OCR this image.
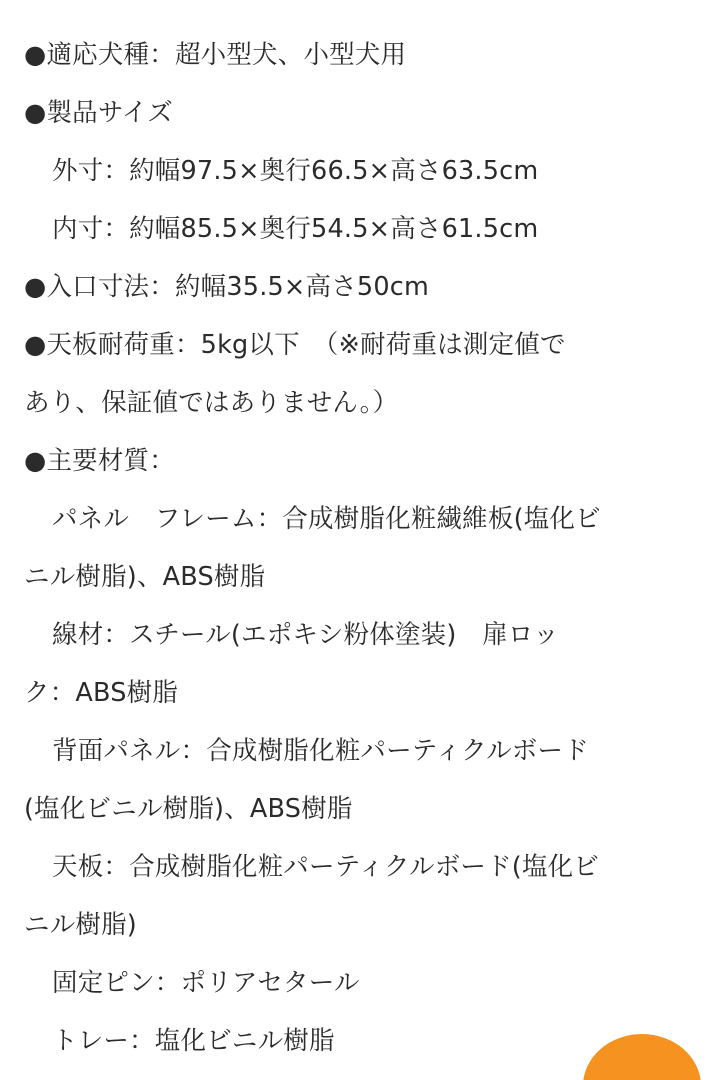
●適応犬種：超小型犬、小型犬用
●製品サイズ
外寸：約幅97.5×奥行66.5×高さ63.5cm
内寸：約幅85.5×奥行54.5×高さ61.5cm
●入口寸法：約幅35.5×高さ50cm
●天板耐荷重：5kg以下　（※耐荷重は測定値で
あり、保証値ではありません。）
●主要材質：
パネル　フレーム：合成樹脂化粧繊維板(塩化ビ
ニル樹脂)、ABS樹脂
線材：スチール(エポキシ粉体塗装)　扉ロッ
ク：ABS樹脂
背面パネル：合成樹脂化粧パーティクルボード
(塩化ビニル樹脂)、ABS樹脂
天板：合成樹脂化粧パーティクルボード(塩化ビ
ニル樹脂)
固定ピン：ポリアセタール
トレー：塩化ビニル樹脂
